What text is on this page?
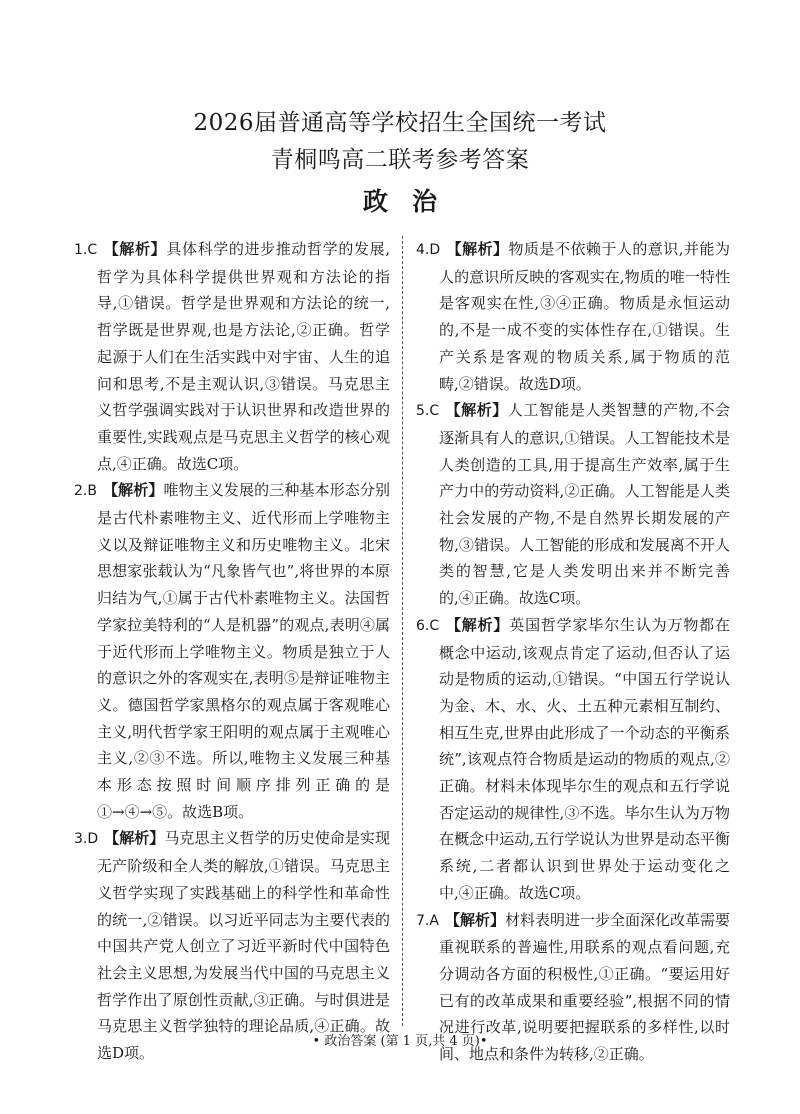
2026届普通高等学校招生全国统一考试
青桐鸣高二联考参考答案
政 治

1.C 【解析】具体科学的进步推动哲学的发展,哲学为具体科学提供世界观和方法论的指导,①错误。哲学是世界观和方法论的统一,哲学既是世界观,也是方法论,②正确。哲学起源于人们在生活实践中对宇宙、人生的追问和思考,不是主观认识,③错误。马克思主义哲学强调实践对于认识世界和改造世界的重要性,实践观点是马克思主义哲学的核心观点,④正确。故选C项。

2.B 【解析】唯物主义发展的三种基本形态分别是古代朴素唯物主义、近代形而上学唯物主义以及辩证唯物主义和历史唯物主义。北宋思想家张载认为“凡象皆气也”,将世界的本原归结为气,①属于古代朴素唯物主义。法国哲学家拉美特利的“人是机器”的观点,表明④属于近代形而上学唯物主义。物质是独立于人的意识之外的客观实在,表明⑤是辩证唯物主义。德国哲学家黑格尔的观点属于客观唯心主义,明代哲学家王阳明的观点属于主观唯心主义,②③不选。所以,唯物主义发展三种基本形态按照时间顺序排列正确的是①→④→⑤。故选B项。

3.D 【解析】马克思主义哲学的历史使命是实现无产阶级和全人类的解放,①错误。马克思主义哲学实现了实践基础上的科学性和革命性的统一,②错误。以习近平同志为主要代表的中国共产党人创立了习近平新时代中国特色社会主义思想,为发展当代中国的马克思主义哲学作出了原创性贡献,③正确。与时俱进是马克思主义哲学独特的理论品质,④正确。故选D项。

4.D 【解析】物质是不依赖于人的意识,并能为人的意识所反映的客观实在,物质的唯一特性是客观实在性,③④正确。物质是永恒运动的,不是一成不变的实体性存在,①错误。生产关系是客观的物质关系,属于物质的范畴,②错误。故选D项。

5.C 【解析】人工智能是人类智慧的产物,不会逐渐具有人的意识,①错误。人工智能技术是人类创造的工具,用于提高生产效率,属于生产力中的劳动资料,②正确。人工智能是人类社会发展的产物,不是自然界长期发展的产物,③错误。人工智能的形成和发展离不开人类的智慧,它是人类发明出来并不断完善的,④正确。故选C项。

6.C 【解析】英国哲学家毕尔生认为万物都在概念中运动,该观点肯定了运动,但否认了运动是物质的运动,①错误。“中国五行学说认为金、木、水、火、土五种元素相互制约、相互生克,世界由此形成了一个动态的平衡系统”,该观点符合物质是运动的物质的观点,②正确。材料未体现毕尔生的观点和五行学说否定运动的规律性,③不选。毕尔生认为万物在概念中运动,五行学说认为世界是动态平衡系统,二者都认识到世界处于运动变化之中,④正确。故选C项。

7.A 【解析】材料表明进一步全面深化改革需要重视联系的普遍性,用联系的观点看问题,充分调动各方面的积极性,①正确。“要运用好已有的改革成果和重要经验”,根据不同的情况进行改革,说明要把握联系的多样性,以时间、地点和条件为转移,②正确。

• 政治答案 (第 1 页,共 4 页)•
